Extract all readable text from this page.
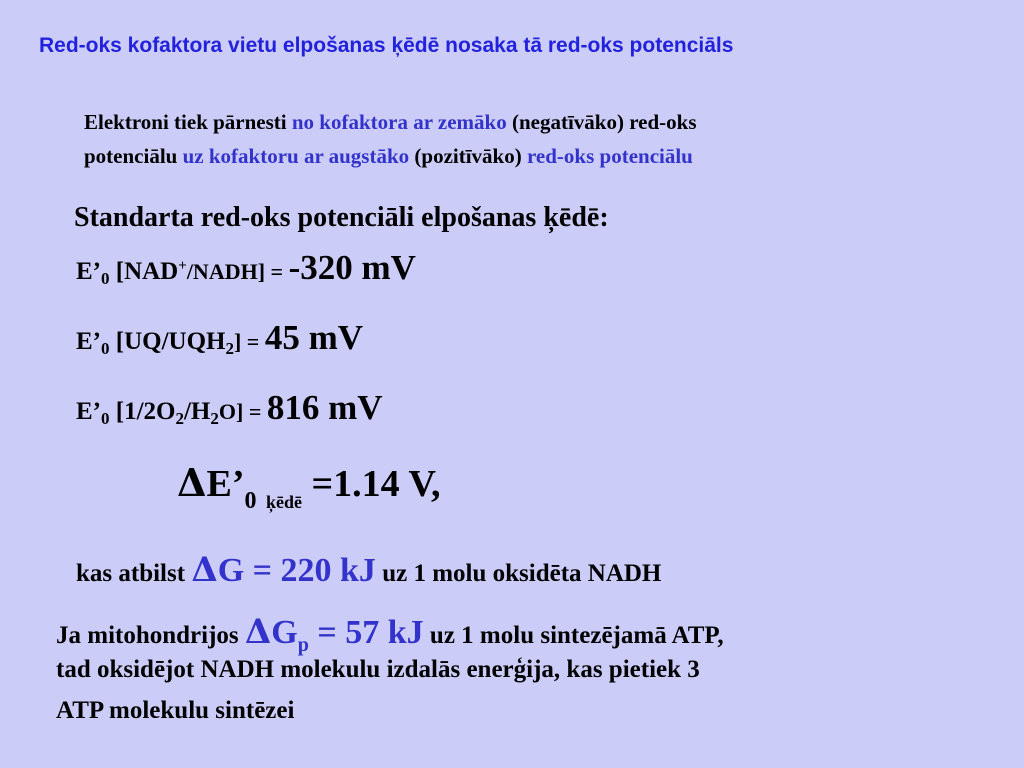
Red-oks kofaktora vietu elpošanas ķēdē nosaka tā red-oks potenciāls
Elektroni tiek pārnesti no kofaktora ar zemāko (negatīvāko) red-oks
potenciālu uz kofaktoru ar augstāko (pozitīvāko) red-oks potenciālu
Standarta red-oks potenciāli elpošanas ķēdē:
$E’_0$ [NAD+/NADH] = -320 mV
$E’_0$ $[UQ/UQH_2] = 45$ mV
$E’_0$ $[1/2O_2/H_2O] = 816$ mV
$\Delta E’_0$ $_{ķēdē}$ =1.14 V,
kas atbilst ΔG = 220 kJ uz 1 molu oksidēta NADH
Ja mitohondrijos $\Delta G_p = 57$ kJ uz 1 molu sintezējamā ATP,
tad oksidējot NADH molekulu izdalās enerģija, kas pietiek 3
ATP molekulu sintēzei
